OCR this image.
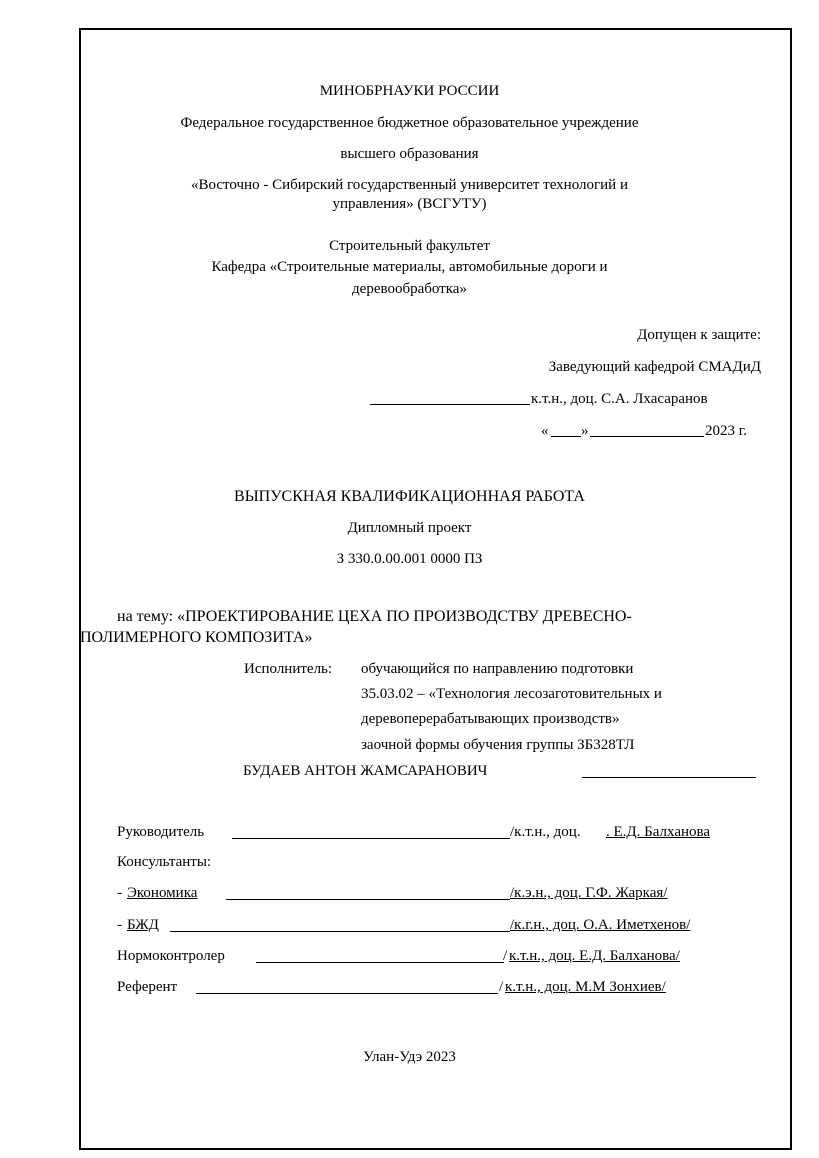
МИНОБРНАУКИ РОССИИ
Федеральное государственное бюджетное образовательное учреждение
высшего образования
«Восточно - Сибирский государственный университет технологий и
управления» (ВСГУТУ)
Строительный факультет
Кафедра «Строительные материалы, автомобильные дороги и
деревообработка»
Допущен к защите:
Заведующий кафедрой СМАДиД
к.т.н., доц. С.А. Лхасаранов
« »	2023 г.
ВЫПУСКНАЯ КВАЛИФИКАЦИОННАЯ РАБОТА
Дипломный проект
З 330.0.00.001 0000 ПЗ
на тему: «ПРОЕКТИРОВАНИЕ ЦЕХА ПО ПРОИЗВОДСТВУ ДРЕВЕСНО-
ПОЛИМЕРНОГО КОМПОЗИТА»
Исполнитель: обучающийся по направлению подготовки
35.03.02 – «Технология лесозаготовительных и
деревоперерабатывающих производств»
заочной формы обучения группы ЗБ328ТЛ
БУДАЕВ АНТОН ЖАМСАРАНОВИЧ
Руководитель	/к.т.н., доц. . Е.Д. Балханова
Консультанты:
- Экономика	/к.э.н., доц. Г.Ф. Жаркая/
- БЖД	/к.г.н., доц. О.А. Иметхенов/
Нормоконтролер	/ к.т.н., доц. Е.Д. Балханова/
Референт	/ к.т.н., доц. М.М Зонхиев/
Улан-Удэ 2023
